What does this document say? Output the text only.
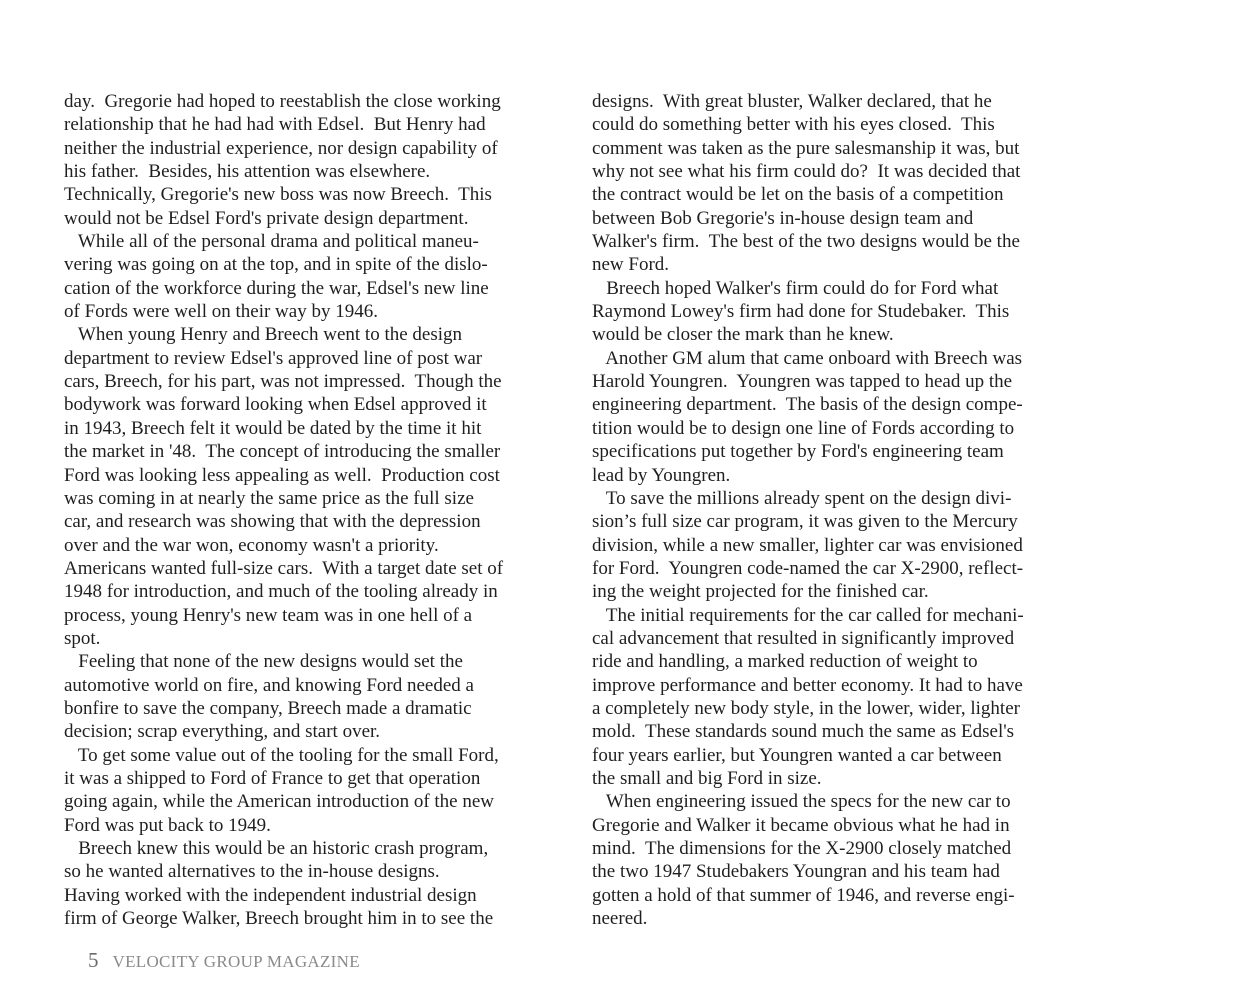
day.  Gregorie had hoped to reestablish the close working
relationship that he had had with Edsel.  But Henry had
neither the industrial experience, nor design capability of
his father.  Besides, his attention was elsewhere.
Technically, Gregorie's new boss was now Breech.  This
would not be Edsel Ford's private design department.
While all of the personal drama and political maneu-
vering was going on at the top, and in spite of the dislo-
cation of the workforce during the war, Edsel's new line
of Fords were well on their way by 1946.
When young Henry and Breech went to the design
department to review Edsel's approved line of post war
cars, Breech, for his part, was not impressed.  Though the
bodywork was forward looking when Edsel approved it
in 1943, Breech felt it would be dated by the time it hit
the market in '48.  The concept of introducing the smaller
Ford was looking less appealing as well.  Production cost
was coming in at nearly the same price as the full size
car, and research was showing that with the depression
over and the war won, economy wasn't a priority.
Americans wanted full-size cars.  With a target date set of
1948 for introduction, and much of the tooling already in
process, young Henry's new team was in one hell of a
spot.
Feeling that none of the new designs would set the
automotive world on fire, and knowing Ford needed a
bonfire to save the company, Breech made a dramatic
decision; scrap everything, and start over.
To get some value out of the tooling for the small Ford,
it was a shipped to Ford of France to get that operation
going again, while the American introduction of the new
Ford was put back to 1949.
Breech knew this would be an historic crash program,
so he wanted alternatives to the in-house designs.
Having worked with the independent industrial design
firm of George Walker, Breech brought him in to see the
designs.  With great bluster, Walker declared, that he
could do something better with his eyes closed.  This
comment was taken as the pure salesmanship it was, but
why not see what his firm could do?  It was decided that
the contract would be let on the basis of a competition
between Bob Gregorie's in-house design team and
Walker's firm.  The best of the two designs would be the
new Ford.
Breech hoped Walker's firm could do for Ford what
Raymond Lowey's firm had done for Studebaker.  This
would be closer the mark than he knew.
Another GM alum that came onboard with Breech was
Harold Youngren.  Youngren was tapped to head up the
engineering department.  The basis of the design compe-
tition would be to design one line of Fords according to
specifications put together by Ford's engineering team
lead by Youngren.
To save the millions already spent on the design divi-
sion’s full size car program, it was given to the Mercury
division, while a new smaller, lighter car was envisioned
for Ford.  Youngren code-named the car X-2900, reflect-
ing the weight projected for the finished car.
The initial requirements for the car called for mechani-
cal advancement that resulted in significantly improved
ride and handling, a marked reduction of weight to
improve performance and better economy. It had to have
a completely new body style, in the lower, wider, lighter
mold.  These standards sound much the same as Edsel's
four years earlier, but Youngren wanted a car between
the small and big Ford in size.
When engineering issued the specs for the new car to
Gregorie and Walker it became obvious what he had in
mind.  The dimensions for the X-2900 closely matched
the two 1947 Studebakers Youngran and his team had
gotten a hold of that summer of 1946, and reverse engi-
neered.
5 VELOCITY GROUP MAGAZINE
